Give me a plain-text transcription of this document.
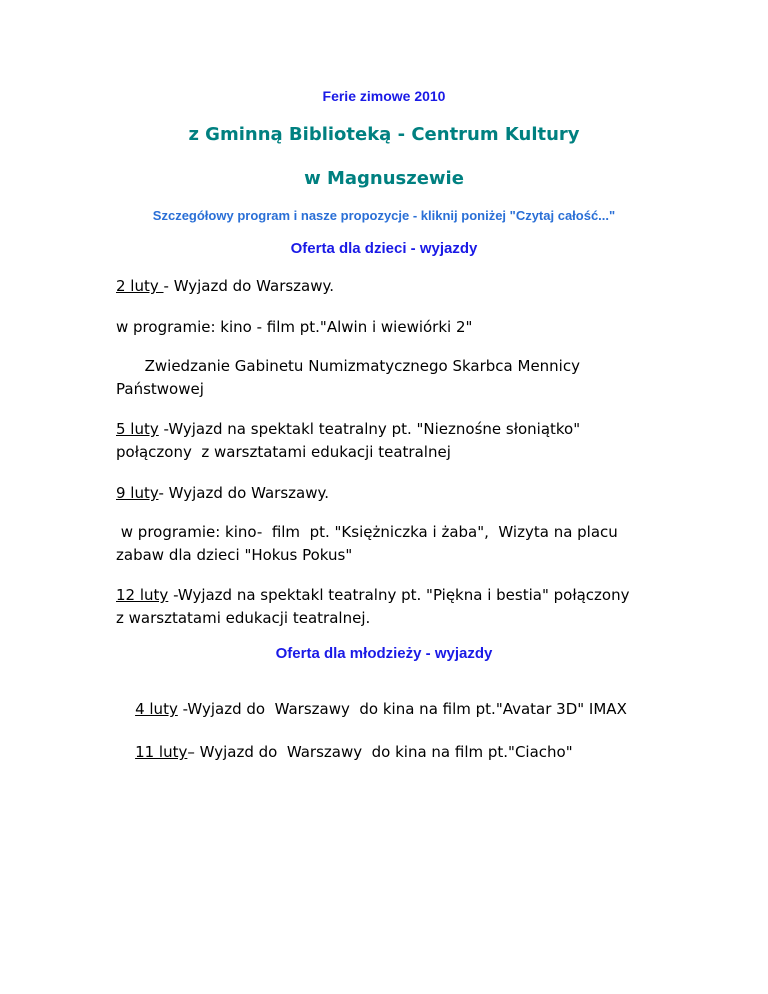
Ferie zimowe 2010
z Gminną Biblioteką - Centrum Kultury
w Magnuszewie
Szczegółowy program i nasze propozycje - kliknij poniżej "Czytaj całość..."
Oferta dla dzieci - wyjazdy
2 luty - Wyjazd do Warszawy.
w programie: kino - film pt."Alwin i wiewiórki 2"
Zwiedzanie Gabinetu Numizmatycznego Skarbca Mennicy
Państwowej
5 luty -Wyjazd na spektakl teatralny pt. "Nieznośne słoniątko"
połączony  z warsztatami edukacji teatralnej
9 luty- Wyjazd do Warszawy.
w programie: kino-  film  pt. "Księżniczka i żaba",  Wizyta na placu
zabaw dla dzieci "Hokus Pokus"
12 luty -Wyjazd na spektakl teatralny pt. "Piękna i bestia" połączony
z warsztatami edukacji teatralnej.
Oferta dla młodzieży - wyjazdy

4 luty -Wyjazd do  Warszawy  do kina na film pt."Avatar 3D" IMAX

11 luty– Wyjazd do  Warszawy  do kina na film pt."Ciacho"
